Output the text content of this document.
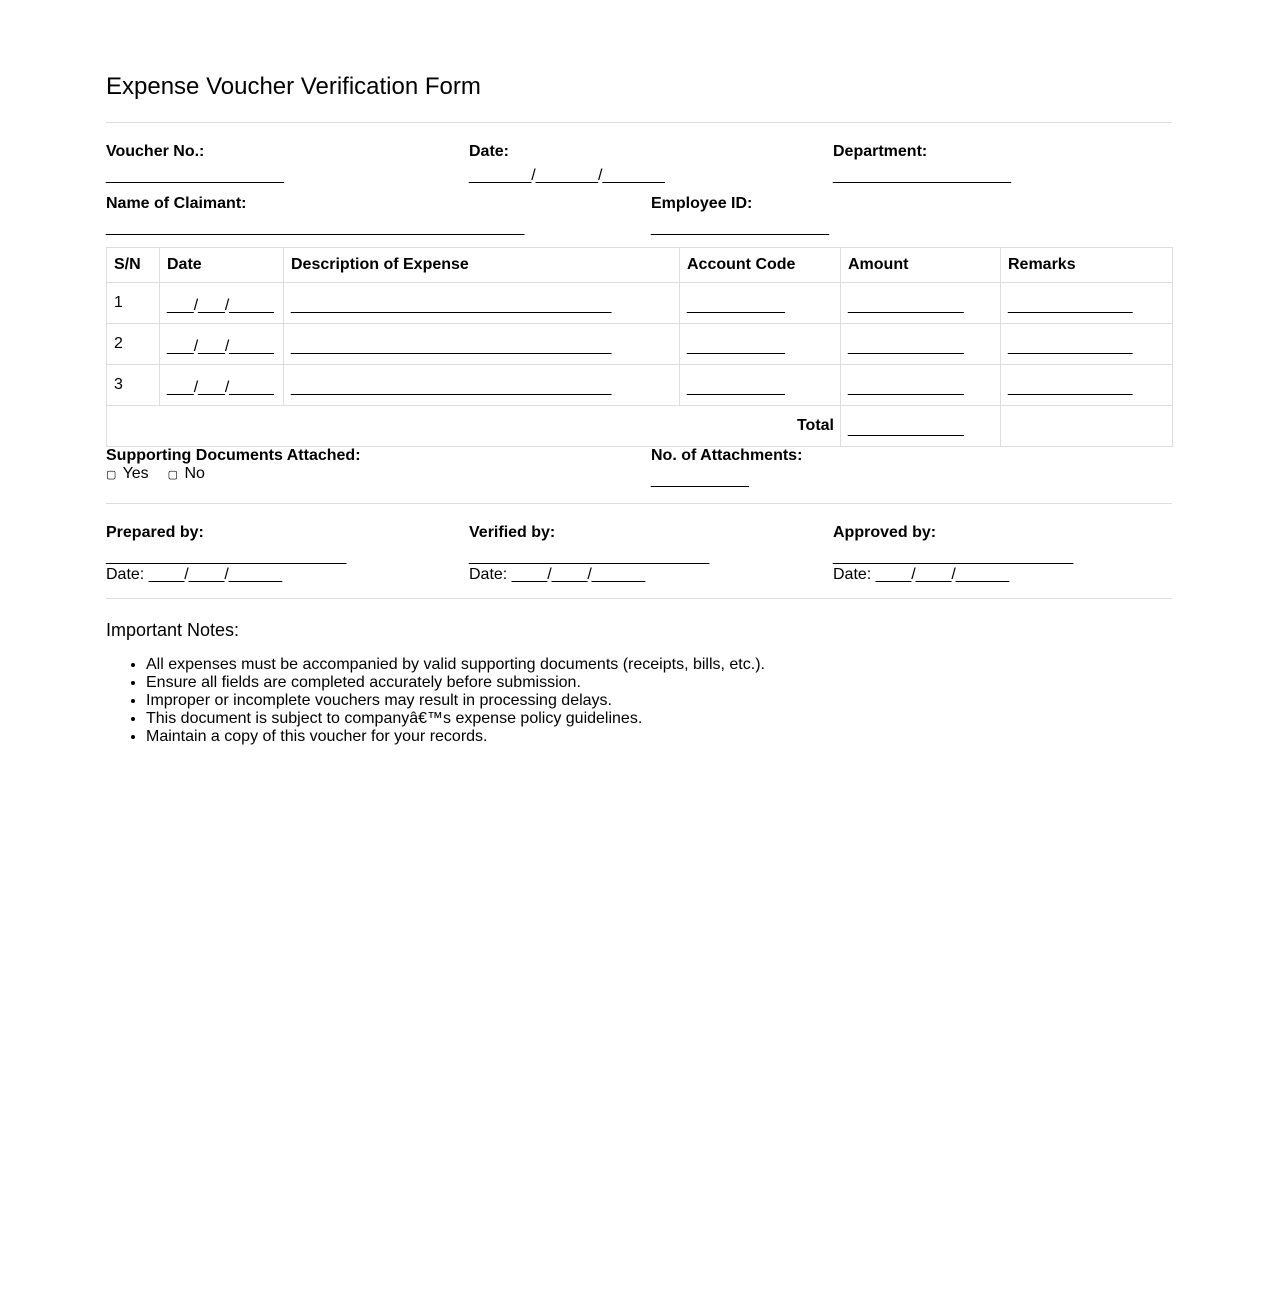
Expense Voucher Verification Form
Voucher No.:
____________________
Date:
_______/_______/_______
Department:
____________________
Name of Claimant:
_______________________________________________
Employee ID:
____________________
S/N	Date	Description of Expense	Account Code	Amount	Remarks
1	___/___/_____	____________________________________	___________	_____________	______________
2	___/___/_____	____________________________________	___________	_____________	______________
3	___/___/_____	____________________________________	___________	_____________	______________
Total				_____________	
Supporting Documents Attached:
▢ Yes ▢ No
No. of Attachments:
___________
Prepared by:
___________________________
Date: ____/____/______
Verified by:
___________________________
Date: ____/____/______
Approved by:
___________________________
Date: ____/____/______
Important Notes:
• All expenses must be accompanied by valid supporting documents (receipts, bills, etc.).
• Ensure all fields are completed accurately before submission.
• Improper or incomplete vouchers may result in processing delays.
• This document is subject to companyâ€™s expense policy guidelines.
• Maintain a copy of this voucher for your records.
